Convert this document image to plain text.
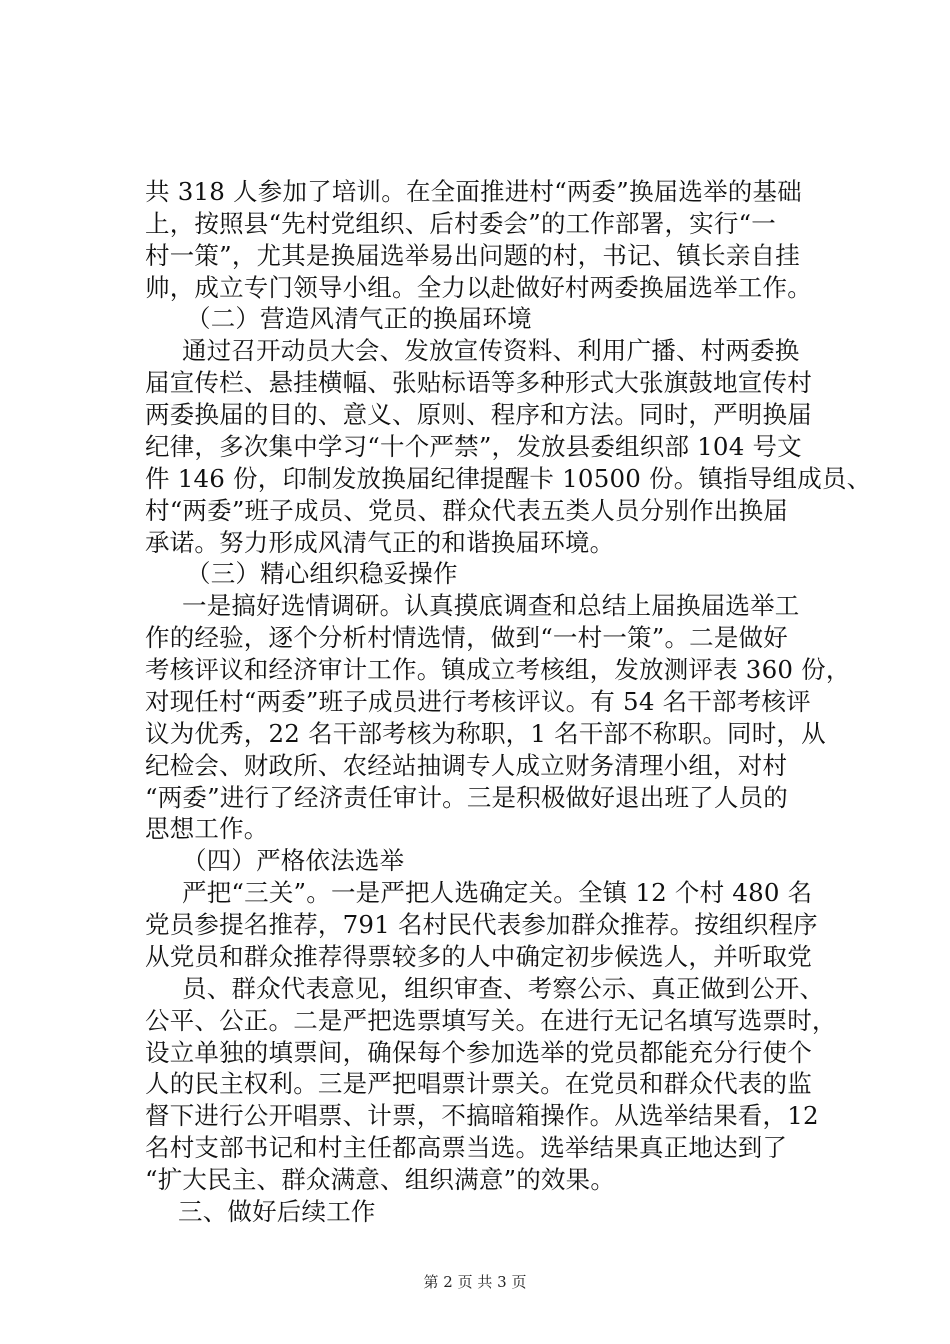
共 318 人参加了培训。在全面推进村“两委”换届选举的基础
上，按照县“先村党组织、后村委会”的工作部署，实行“一
村一策”，尤其是换届选举易出问题的村，书记、镇长亲自挂
帅，成立专门领导小组。全力以赴做好村两委换届选举工作。
（二）营造风清气正的换届环境
通过召开动员大会、发放宣传资料、利用广播、村两委换
届宣传栏、悬挂横幅、张贴标语等多种形式大张旗鼓地宣传村
两委换届的目的、意义、原则、程序和方法。同时，严明换届
纪律，多次集中学习“十个严禁”，发放县委组织部 104 号文
件 146 份，印制发放换届纪律提醒卡 10500 份。镇指导组成员、
村“两委”班子成员、党员、群众代表五类人员分别作出换届
承诺。努力形成风清气正的和谐换届环境。
（三）精心组织稳妥操作
一是搞好选情调研。认真摸底调查和总结上届换届选举工
作的经验，逐个分析村情选情，做到“一村一策”。二是做好
考核评议和经济审计工作。镇成立考核组，发放测评表 360 份，
对现任村“两委”班子成员进行考核评议。有 54 名干部考核评
议为优秀，22 名干部考核为称职，1 名干部不称职。同时，从
纪检会、财政所、农经站抽调专人成立财务清理小组，对村
“两委”进行了经济责任审计。三是积极做好退出班了人员的
思想工作。
（四）严格依法选举
严把“三关”。一是严把人选确定关。全镇 12 个村 480 名
党员参提名推荐，791 名村民代表参加群众推荐。按组织程序
从党员和群众推荐得票较多的人中确定初步候选人，并听取党
员、群众代表意见，组织审查、考察公示、真正做到公开、
公平、公正。二是严把选票填写关。在进行无记名填写选票时，
设立单独的填票间，确保每个参加选举的党员都能充分行使个
人的民主权利。三是严把唱票计票关。在党员和群众代表的监
督下进行公开唱票、计票，不搞暗箱操作。从选举结果看，12
名村支部书记和村主任都高票当选。选举结果真正地达到了
“扩大民主、群众满意、组织满意”的效果。
三、做好后续工作
第 2 页 共 3 页
